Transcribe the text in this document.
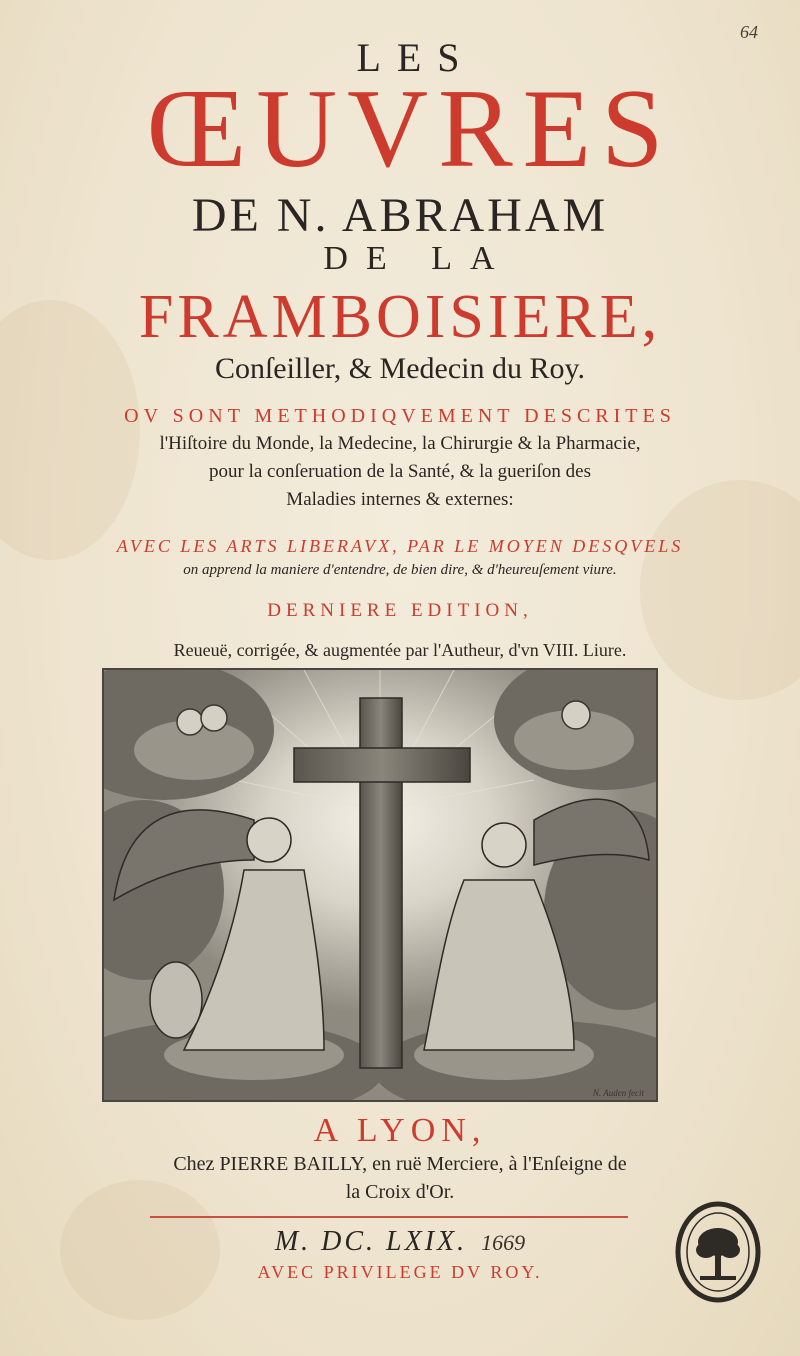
64
LES
ŒUVRES
DE N. ABRAHAM
DE LA
FRAMBOISIERE,
Conſeiller, & Medecin du Roy.
OV SONT METHODIQVEMENT DESCRITES
l'Hiſtoire du Monde, la Medecine, la Chirurgie & la Pharmacie,
pour la conſeruation de la Santé, & la gueriſon des
Maladies internes & externes:
AVEC LES ARTS LIBERAVX, PAR LE MOYEN DESQVELS
on apprend la maniere d'entendre, de bien dire, & d'heureuſement viure.
DERNIERE EDITION,
Reueuë, corrigée, & augmentée par l'Autheur, d'vn VIII. Liure.
N. Auden fecit
A LYON,
Chez PIERRE BAILLY, en ruë Merciere, à l'Enſeigne de
la Croix d'Or.
M. DC. LXIX. 1669
AVEC PRIVILEGE DV ROY.
